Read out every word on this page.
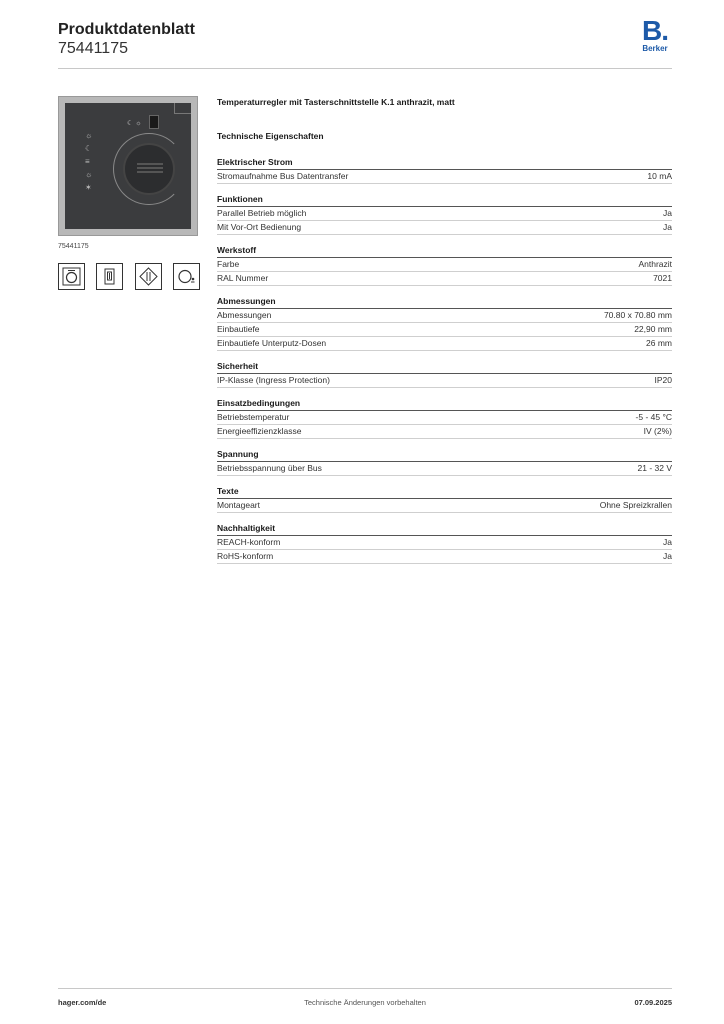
Produktdatenblatt
75441175
B.
Berker
☾ ☼
☼
☾
≡
☼
✶
75441175
Temperaturregler mit Tasterschnittstelle K.1 anthrazit, matt
Technische Eigenschaften
Elektrischer Strom
Stromaufnahme Bus Datentransfer	10 mA
Funktionen
Parallel Betrieb möglich	Ja
Mit Vor-Ort Bedienung	Ja
Werkstoff
Farbe	Anthrazit
RAL Nummer	7021
Abmessungen
Abmessungen	70.80 x 70.80 mm
Einbautiefe	22,90 mm
Einbautiefe Unterputz-Dosen	26 mm
Sicherheit
IP-Klasse (Ingress Protection)	IP20
Einsatzbedingungen
Betriebstemperatur	-5 - 45 °C
Energieeffizienzklasse	IV (2%)
Spannung
Betriebsspannung über Bus	21 - 32 V
Texte
Montageart	Ohne Spreizkrallen
Nachhaltigkeit
REACH-konform	Ja
RoHS-konform	Ja
hager.com/de	Technische Änderungen vorbehalten	07.09.2025
